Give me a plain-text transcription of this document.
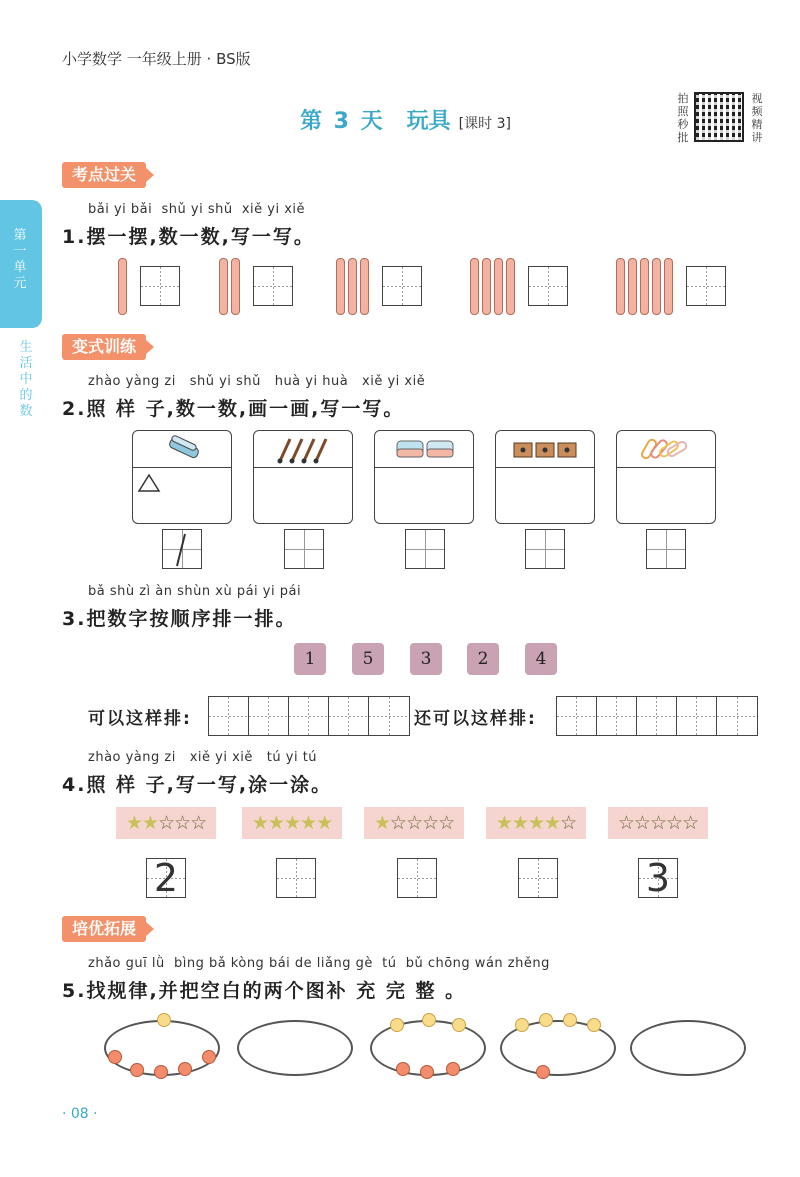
小学数学 一年级上册 · BS版
第 3 天 玩具 [课时 3]
拍照秒批
视频精讲
第一单元
生活中的数
考点过关
bǎi yi bǎi  shǔ yi shǔ  xiě yi xiě
1.摆一摆,数一数,写一写。
变式训练
zhào yàng zi   shǔ yi shǔ   huà yi huà   xiě yi xiě
2.照 样 子,数一数,画一画,写一写。
bǎ shù zì àn shùn xù pái yi pái
3.把数字按顺序排一排。
1	5	3	2	4
可以这样排:	还可以这样排:
zhào yàng zi   xiě yi xiě   tú yi tú
4.照 样 子,写一写,涂一涂。
★ ★ ☆ ☆ ☆ ★ ★ ★ ★ ★ ★ ☆ ☆ ☆ ☆ ★ ★ ★ ★ ☆ ☆ ☆ ☆ ☆ ☆
2	3
培优拓展
zhǎo guī lǜ  bìng bǎ kòng bái de liǎng gè  tú  bǔ chōng wán zhěng
5.找规律,并把空白的两个图补 充 完 整 。
· 08 ·
